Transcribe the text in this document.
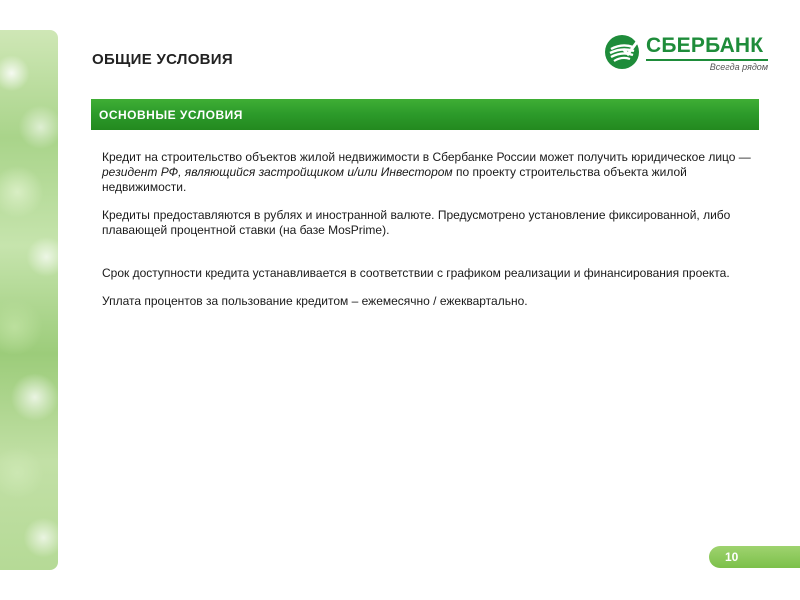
ОБЩИЕ УСЛОВИЯ
СБЕРБАНК
Всегда рядом
ОСНОВНЫЕ УСЛОВИЯ

Кредит на строительство объектов жилой недвижимости в Сбербанке России может получить юридическое лицо — резидент РФ, являющийся застройщиком и/или Инвестором по проекту строительства объекта жилой недвижимости.

Кредиты предоставляются в рублях и иностранной валюте. Предусмотрено установление фиксированной, либо плавающей процентной ставки (на базе MosPrime).

Срок доступности кредита устанавливается в соответствии с графиком реализации и финансирования проекта.

Уплата процентов за пользование кредитом – ежемесячно / ежеквартально.

10
